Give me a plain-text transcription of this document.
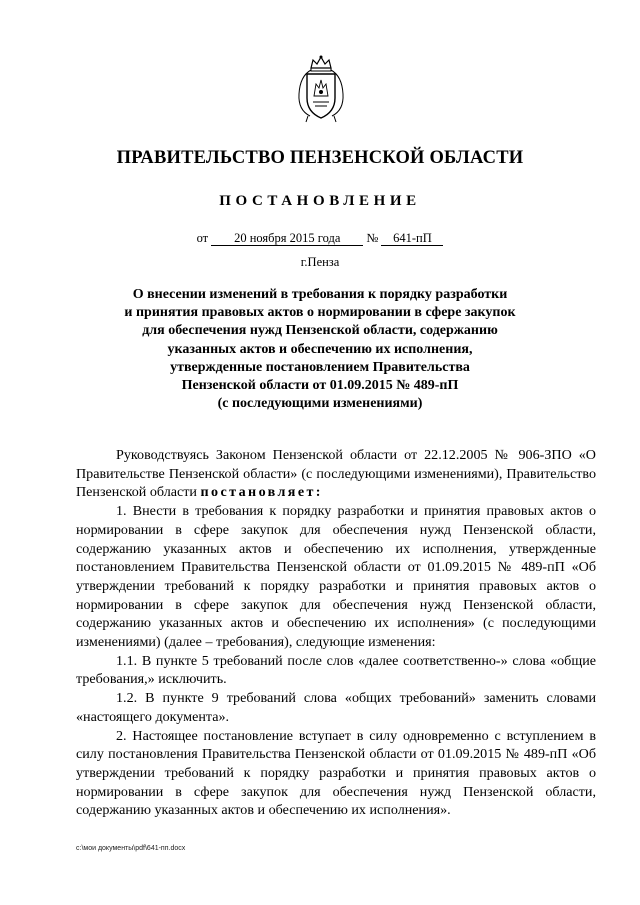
ПРАВИТЕЛЬСТВО ПЕНЗЕНСКОЙ ОБЛАСТИ
ПОСТАНОВЛЕНИЕ
от 20 ноября 2015 года № 641-пП
г.Пенза
О внесении изменений в требования к порядку разработки
и принятия правовых актов о нормировании в сфере закупок
для обеспечения нужд Пензенской области, содержанию
указанных актов и обеспечению их исполнения,
утвержденные постановлением Правительства
Пензенской области от 01.09.2015 № 489-пП
(с последующими изменениями)

Руководствуясь Законом Пензенской области от 22.12.2005 № 906-ЗПО «О Правительстве Пензенской области» (с последующими изменениями), Правительство Пензенской области постановляет:

1. Внести в требования к порядку разработки и принятия правовых актов о нормировании в сфере закупок для обеспечения нужд Пензенской области, содержанию указанных актов и обеспечению их исполнения, утвержденные постановлением Правительства Пензенской области от 01.09.2015 № 489-пП «Об утверждении требований к порядку разработки и принятия правовых актов о нормировании в сфере закупок для обеспечения нужд Пензенской области, содержанию указанных актов и обеспечению их исполнения» (с последующими изменениями) (далее – требования), следующие изменения:

1.1. В пункте 5 требований после слов «далее соответственно-» слова «общие требования,» исключить.

1.2. В пункте 9 требований слова «общих требований» заменить словами «настоящего документа».

2. Настоящее постановление вступает в силу одновременно с вступлением в силу постановления Правительства Пензенской области от 01.09.2015 № 489-пП «Об утверждении требований к порядку разработки и принятия правовых актов о нормировании в сфере закупок для обеспечения нужд Пензенской области, содержанию указанных актов и обеспечению их исполнения».

c:\мои документы\pdf\641-пп.docx
